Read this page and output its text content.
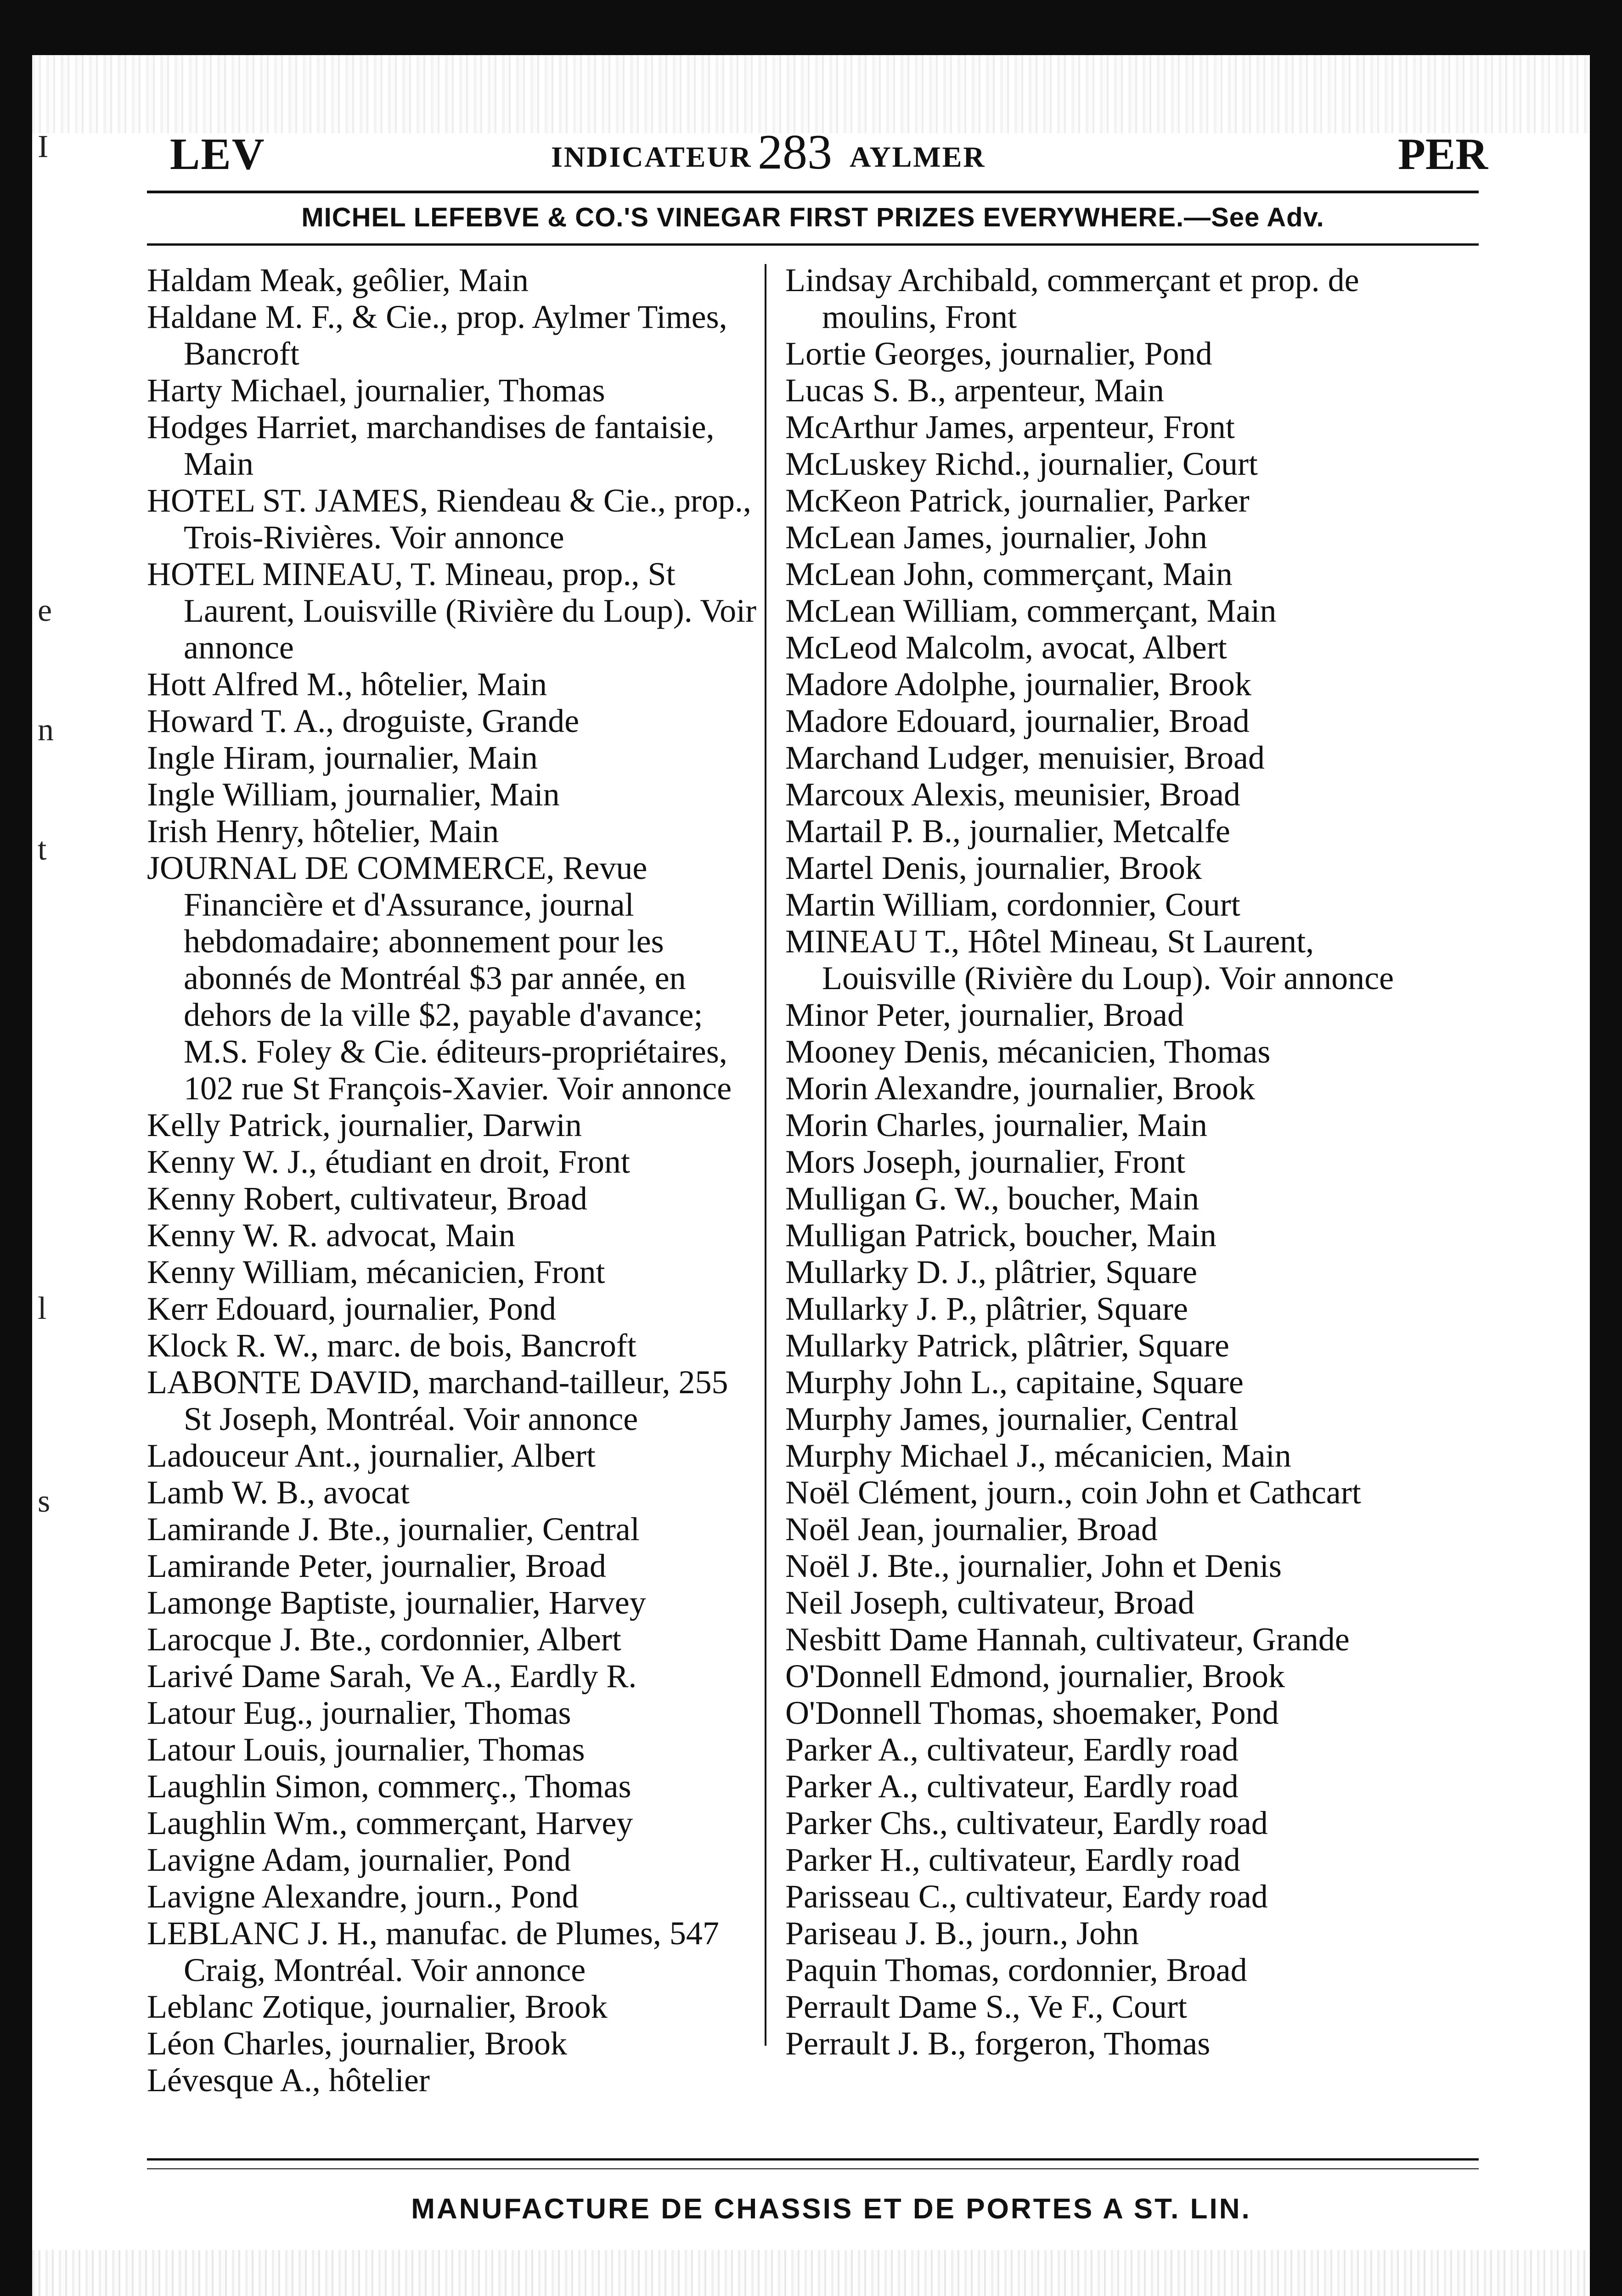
I
e
n
t
l
s
LEV	INDICATEUR 283 AYLMER	PER
MICHEL LEFEBVE & CO.'S VINEGAR FIRST PRIZES EVERYWHERE.—See Adv.
Haldam Meak, geôlier, Main
Haldane M. F., & Cie., prop. Aylmer Times, Bancroft
Harty Michael, journalier, Thomas
Hodges Harriet, marchandises de fantaisie, Main
HOTEL ST. JAMES, Riendeau & Cie., prop., Trois-Rivières. Voir annonce
HOTEL MINEAU, T. Mineau, prop., St Laurent, Louisville (Rivière du Loup). Voir annonce
Hott Alfred M., hôtelier, Main
Howard T. A., droguiste, Grande
Ingle Hiram, journalier, Main
Ingle William, journalier, Main
Irish Henry, hôtelier, Main
JOURNAL DE COMMERCE, Revue Financière et d'Assurance, journal hebdomadaire; abonnement pour les abonnés de Montréal $3 par année, en dehors de la ville $2, payable d'avance; M.S. Foley & Cie. éditeurs-propriétaires, 102 rue St François-Xavier. Voir annonce
Kelly Patrick, journalier, Darwin
Kenny W. J., étudiant en droit, Front
Kenny Robert, cultivateur, Broad
Kenny W. R. advocat, Main
Kenny William, mécanicien, Front
Kerr Edouard, journalier, Pond
Klock R. W., marc. de bois, Bancroft
LABONTE DAVID, marchand-tailleur, 255 St Joseph, Montréal. Voir annonce
Ladouceur Ant., journalier, Albert
Lamb W. B., avocat
Lamirande J. Bte., journalier, Central
Lamirande Peter, journalier, Broad
Lamonge Baptiste, journalier, Harvey
Larocque J. Bte., cordonnier, Albert
Larivé Dame Sarah, Ve A., Eardly R.
Latour Eug., journalier, Thomas
Latour Louis, journalier, Thomas
Laughlin Simon, commerç., Thomas
Laughlin Wm., commerçant, Harvey
Lavigne Adam, journalier, Pond
Lavigne Alexandre, journ., Pond
LEBLANC J. H., manufac. de Plumes, 547 Craig, Montréal. Voir annonce
Leblanc Zotique, journalier, Brook
Léon Charles, journalier, Brook
Lévesque A., hôtelier
Lindsay Archibald, commerçant et prop. de moulins, Front
Lortie Georges, journalier, Pond
Lucas S. B., arpenteur, Main
McArthur James, arpenteur, Front
McLuskey Richd., journalier, Court
McKeon Patrick, journalier, Parker
McLean James, journalier, John
McLean John, commerçant, Main
McLean William, commerçant, Main
McLeod Malcolm, avocat, Albert
Madore Adolphe, journalier, Brook
Madore Edouard, journalier, Broad
Marchand Ludger, menuisier, Broad
Marcoux Alexis, meunisier, Broad
Martail P. B., journalier, Metcalfe
Martel Denis, journalier, Brook
Martin William, cordonnier, Court
MINEAU T., Hôtel Mineau, St Laurent, Louisville (Rivière du Loup). Voir annonce
Minor Peter, journalier, Broad
Mooney Denis, mécanicien, Thomas
Morin Alexandre, journalier, Brook
Morin Charles, journalier, Main
Mors Joseph, journalier, Front
Mulligan G. W., boucher, Main
Mulligan Patrick, boucher, Main
Mullarky D. J., plâtrier, Square
Mullarky J. P., plâtrier, Square
Mullarky Patrick, plâtrier, Square
Murphy John L., capitaine, Square
Murphy James, journalier, Central
Murphy Michael J., mécanicien, Main
Noël Clément, journ., coin John et Cathcart
Noël Jean, journalier, Broad
Noël J. Bte., journalier, John et Denis
Neil Joseph, cultivateur, Broad
Nesbitt Dame Hannah, cultivateur, Grande
O'Donnell Edmond, journalier, Brook
O'Donnell Thomas, shoemaker, Pond
Parker A., cultivateur, Eardly road
Parker A., cultivateur, Eardly road
Parker Chs., cultivateur, Eardly road
Parker H., cultivateur, Eardly road
Parisseau C., cultivateur, Eardy road
Pariseau J. B., journ., John
Paquin Thomas, cordonnier, Broad
Perrault Dame S., Ve F., Court
Perrault J. B., forgeron, Thomas
MANUFACTURE DE CHASSIS ET DE PORTES A ST. LIN.
